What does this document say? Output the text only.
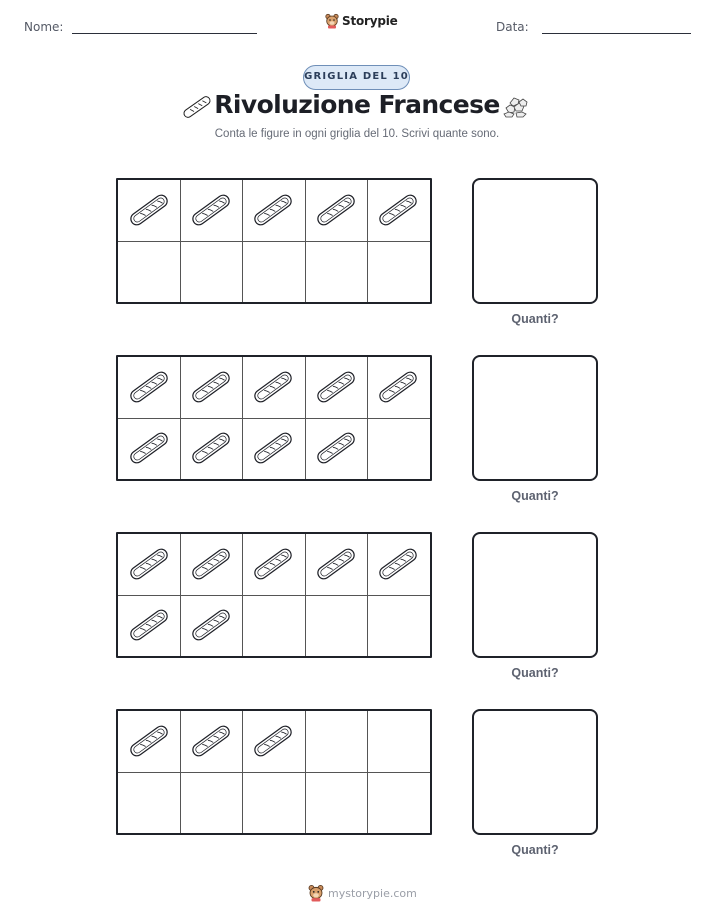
Nome:	Storypie	Data:
GRIGLIA DEL 10
Rivoluzione Francese
Conta le figure in ogni griglia del 10. Scrivi quante sono.
Quanti?
Quanti?
Quanti?
Quanti?
mystorypie.com
